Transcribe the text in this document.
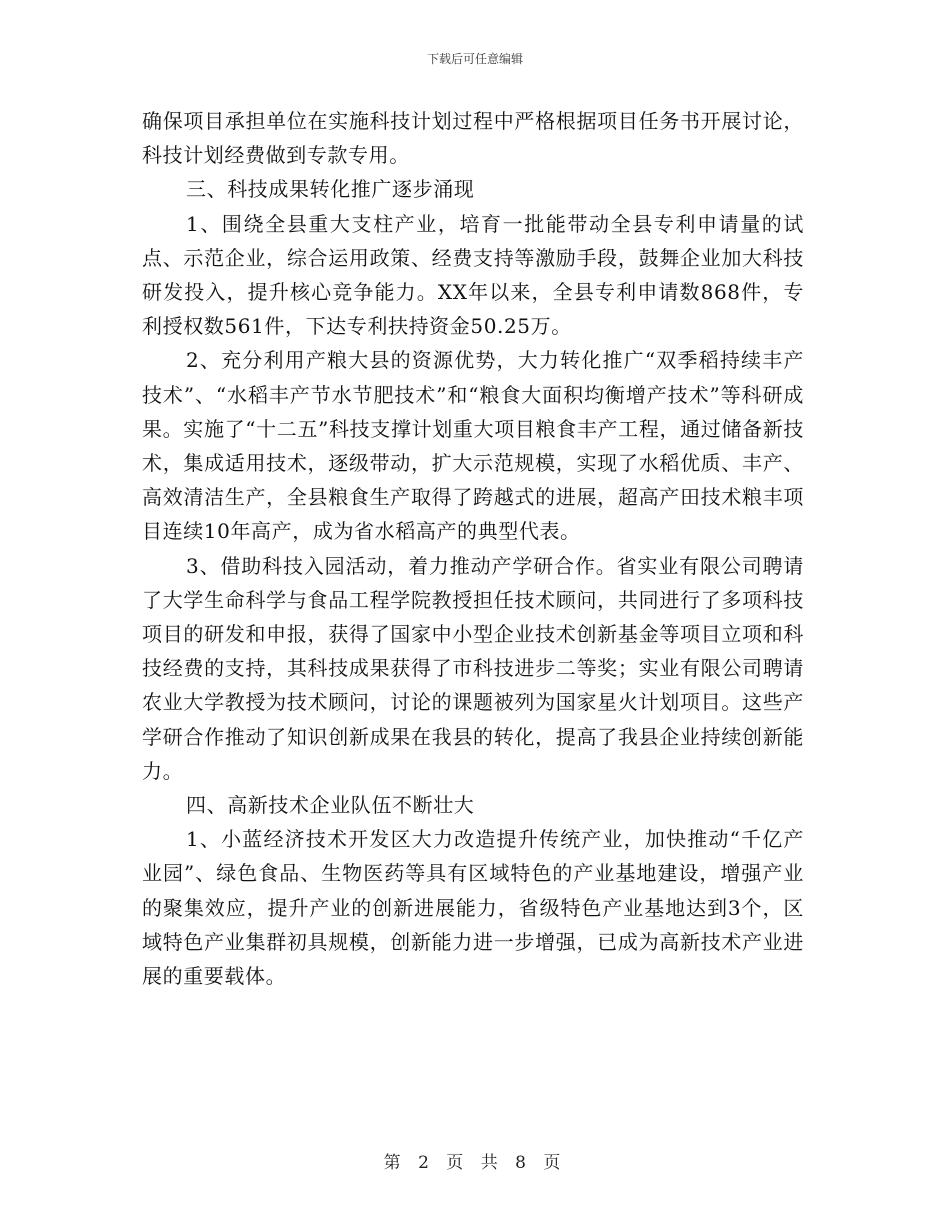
下载后可任意编辑

确保项目承担单位在实施科技计划过程中严格根据项目任务书开展讨论，科技计划经费做到专款专用。

三、科技成果转化推广逐步涌现

1、围绕全县重大支柱产业，培育一批能带动全县专利申请量的试点、示范企业，综合运用政策、经费支持等激励手段，鼓舞企业加大科技研发投入，提升核心竞争能力。XX年以来，全县专利申请数868件，专利授权数561件，下达专利扶持资金50.25万。

2、充分利用产粮大县的资源优势，大力转化推广“双季稻持续丰产技术”、“水稻丰产节水节肥技术”和“粮食大面积均衡增产技术”等科研成果。实施了“十二五”科技支撑计划重大项目粮食丰产工程，通过储备新技术，集成适用技术，逐级带动，扩大示范规模，实现了水稻优质、丰产、高效清洁生产，全县粮食生产取得了跨越式的进展，超高产田技术粮丰项目连续10年高产，成为省水稻高产的典型代表。

3、借助科技入园活动，着力推动产学研合作。省实业有限公司聘请了大学生命科学与食品工程学院教授担任技术顾问，共同进行了多项科技项目的研发和申报，获得了国家中小型企业技术创新基金等项目立项和科技经费的支持，其科技成果获得了市科技进步二等奖；实业有限公司聘请农业大学教授为技术顾问，讨论的课题被列为国家星火计划项目。这些产学研合作推动了知识创新成果在我县的转化，提高了我县企业持续创新能力。

四、高新技术企业队伍不断壮大

1、小蓝经济技术开发区大力改造提升传统产业，加快推动“千亿产业园”、绿色食品、生物医药等具有区域特色的产业基地建设，增强产业的聚集效应，提升产业的创新进展能力，省级特色产业基地达到3个，区域特色产业集群初具规模，创新能力进一步增强，已成为高新技术产业进展的重要载体。

第 2 页 共 8 页
